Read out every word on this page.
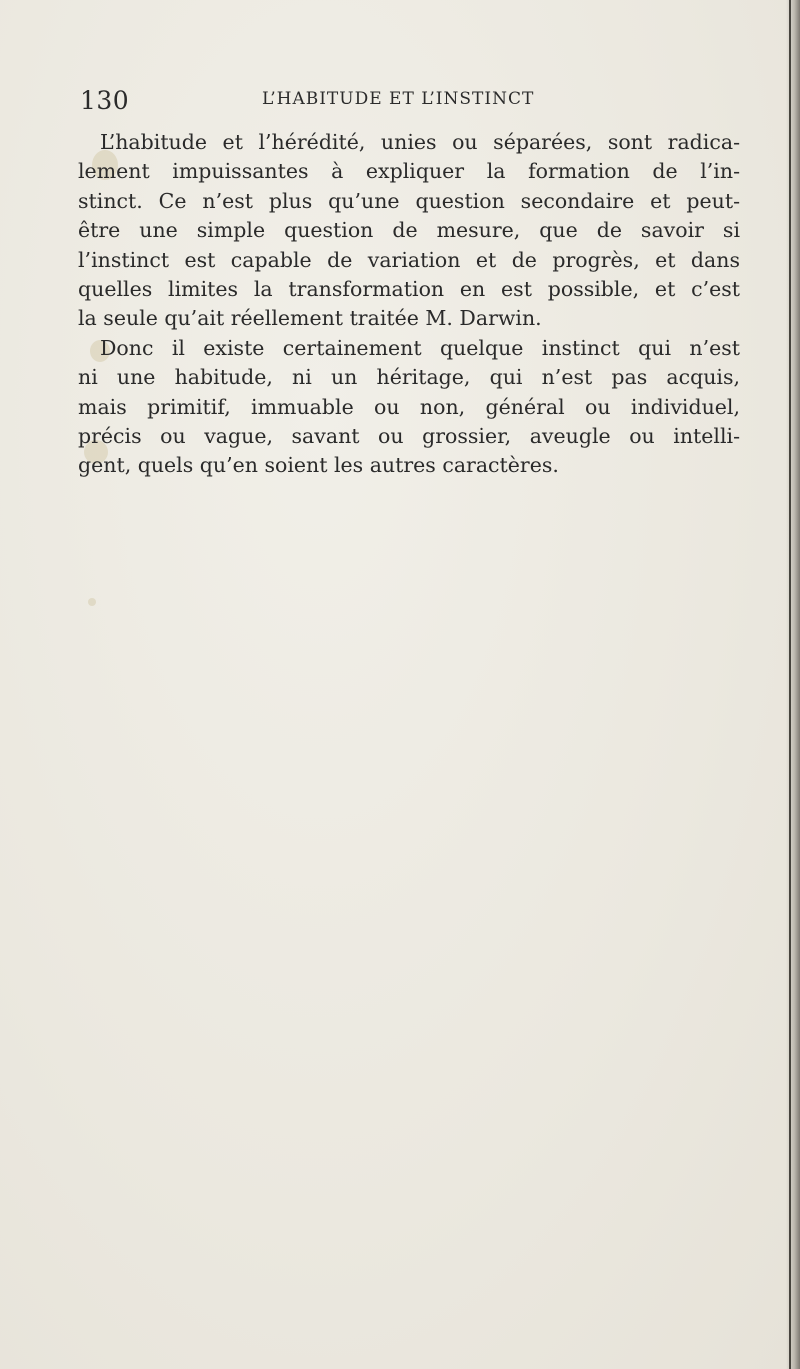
130	L’HABITUDE ET L’INSTINCT

L’habitude et l’hérédité, unies ou séparées, sont radica-
lement impuissantes à expliquer la formation de l’in-
stinct. Ce n’est plus qu’une question secondaire et peut-
être une simple question de mesure, que de savoir si
l’instinct est capable de variation et de progrès, et dans
quelles limites la transformation en est possible, et c’est
la seule qu’ait réellement traitée M. Darwin.

Donc il existe certainement quelque instinct qui n’est
ni une habitude, ni un héritage, qui n’est pas acquis,
mais primitif, immuable ou non, général ou individuel,
précis ou vague, savant ou grossier, aveugle ou intelli-
gent, quels qu’en soient les autres caractères.
